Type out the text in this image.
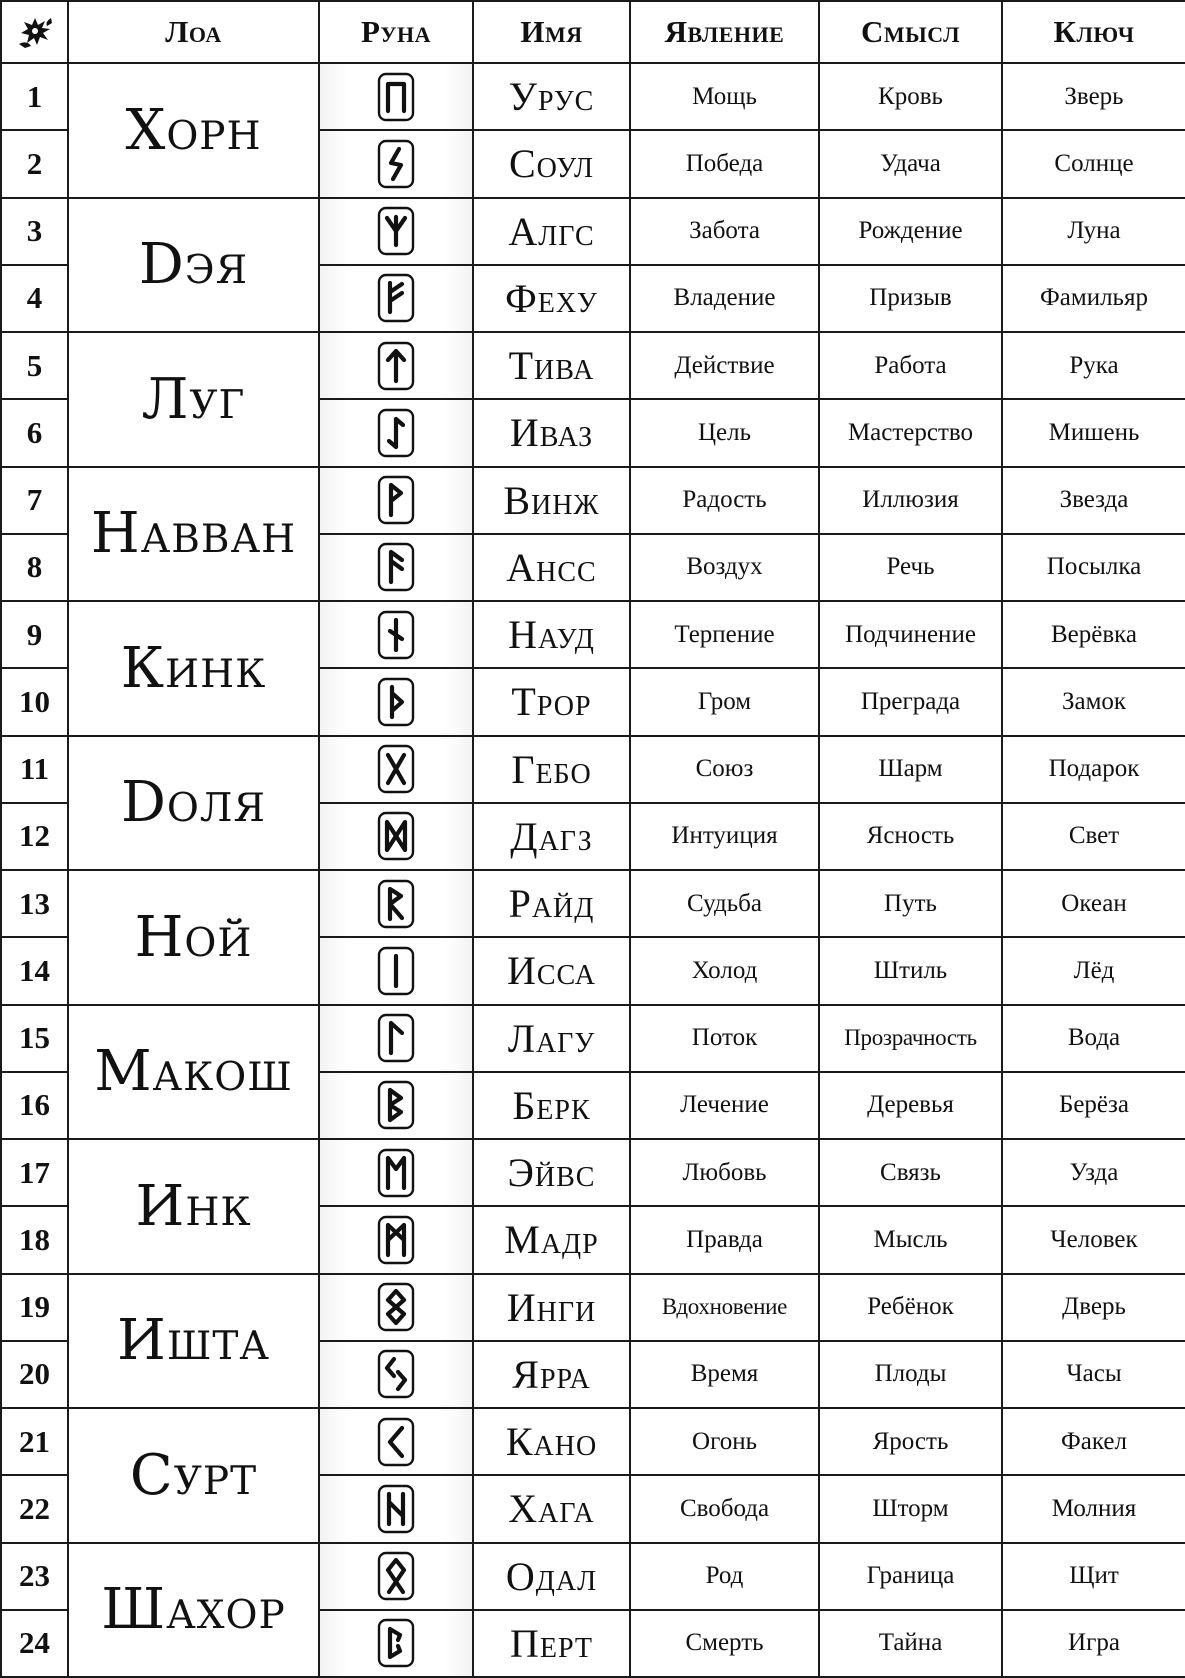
	Лоа	Руна	Имя	Явление	Смысл	Ключ
1	Хорн		Урус	Мощь	Кровь	Зверь
2			Соул	Победа	Удача	Солнце
3	Dэя		Алгс	Забота	Рождение	Луна
4			Феху	Владение	Призыв	Фамильяр
5	Луг		Тива	Действие	Работа	Рука
6			Иваз	Цель	Мастерство	Мишень
7	Навван		Винж	Радость	Иллюзия	Звезда
8			Ансс	Воздух	Речь	Посылка
9	Кинк		Науд	Терпение	Подчинение	Верёвка
10			Трор	Гром	Преграда	Замок
11	Dоля		Гебо	Союз	Шарм	Подарок
12			Дагз	Интуиция	Ясность	Свет
13	Ной		Райд	Судьба	Путь	Океан
14			Исса	Холод	Штиль	Лёд
15	Макош		Лагу	Поток	Прозрачность	Вода
16			Берк	Лечение	Деревья	Берёза
17	Инк		Эйвс	Любовь	Связь	Узда
18			Мадр	Правда	Мысль	Человек
19	Ишта		Инги	Вдохновение	Ребёнок	Дверь
20			Ярра	Время	Плоды	Часы
21	Сурт		Кано	Огонь	Ярость	Факел
22			Хага	Свобода	Шторм	Молния
23	Шахор		Одал	Род	Граница	Щит
24			Перт	Смерть	Тайна	Игра
